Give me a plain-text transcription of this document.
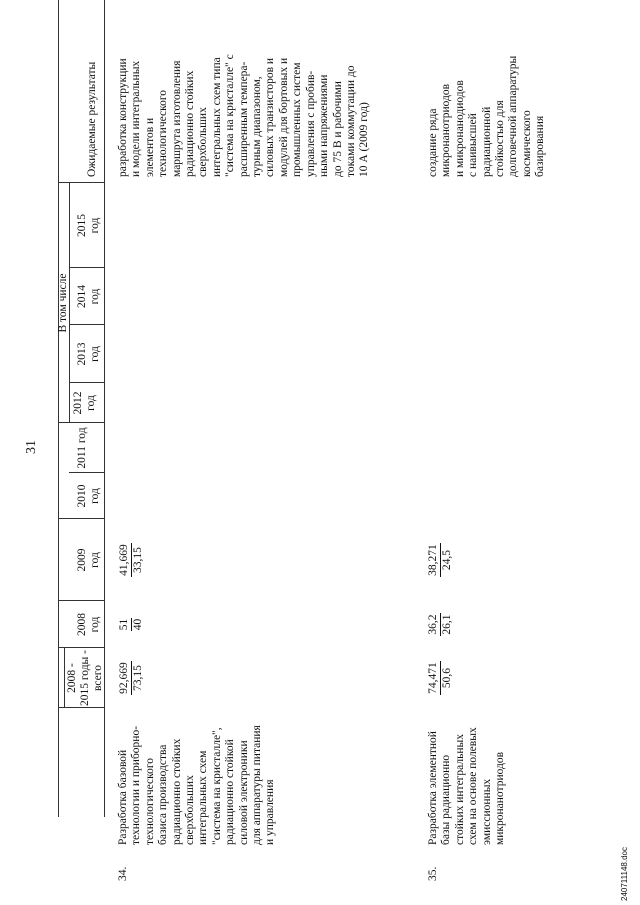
31
2008 -
2015 годы -
всего
В том числе
2008
год
2009
год
2010
год
2011 год
2012
год
2013
год
2014
год
2015
год
Ожидаемые результаты
34.
Разработка базовой
технологии и приборно-
технологического
базиса производства
радиационно стойких
сверхбольших
интегральных схем
"система на кристалле",
радиационно стойкой
силовой электроники
для аппаратуры питания
и управления
92,669 73,15
51 40
41,669 33,15
разработка конструкции
и модели интегральных
элементов и
технологического
маршрута изготовления
радиационно стойких
сверхбольших
интегральных схем типа
"система на кристалле" с
расширенным темпера-
турным диапазоном,
силовых транзисторов и
модулей для бортовых и
промышленных систем
управления с пробив-
ными напряжениями
до 75 В и рабочими
токами коммутации до
10 А (2009 год)
35.
Разработка элементной
базы радиационно
стойких интегральных
схем на основе полевых
эмиссионных
микронанотриодов
74,471 50,6
36,2 26,1
38,271 24,5
создание ряда
микронанотриодов
и микронанодиодов
с наивысшей
радиационной
стойкостью для
долговечной аппаратуры
космического
базирования
240711148.doc
